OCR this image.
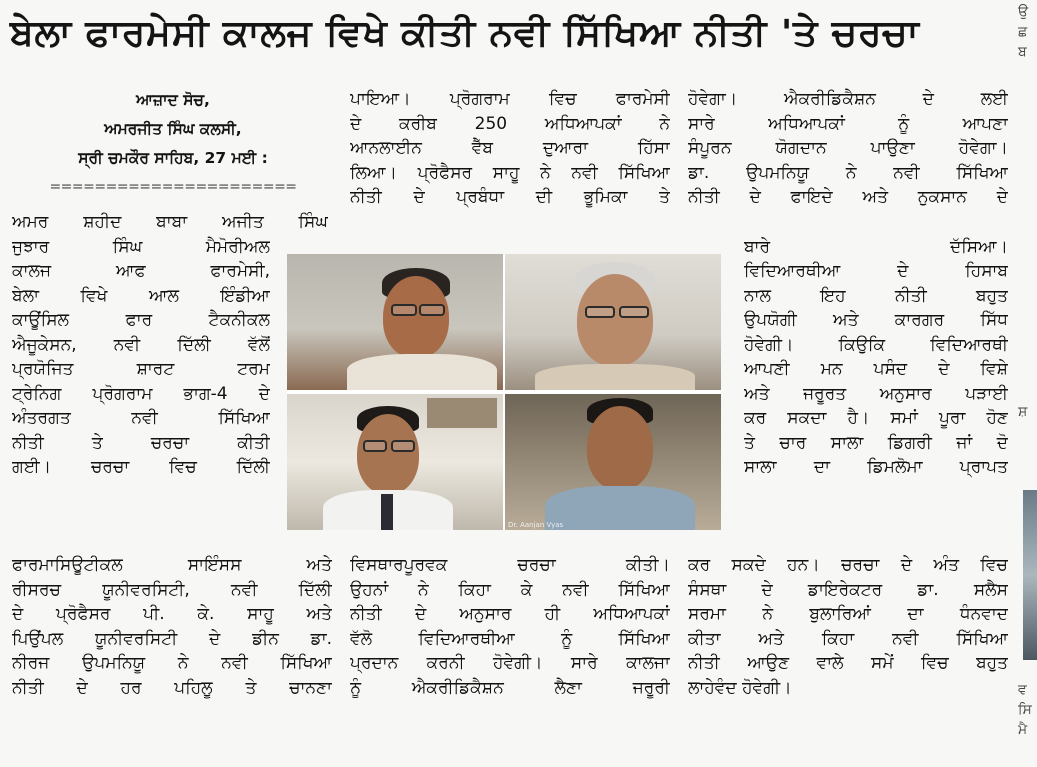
ਬੇਲਾ ਫਾਰਮੇਸੀ ਕਾਲਜ ਵਿਖੇ ਕੀਤੀ ਨਵੀ ਸਿੱਖਿਆ ਨੀਤੀ 'ਤੇ ਚਰਚਾ
ਆਜ਼ਾਦ ਸੋਚ,
ਅਮਰਜੀਤ ਸਿੰਘ ਕਲਸੀ,
ਸ੍ਰੀ ਚਮਕੌਰ ਸਾਹਿਬ, 27 ਮਈ :
======================
ਅਮਰ ਸ਼ਹੀਦ ਬਾਬਾ ਅਜੀਤ ਸਿੰਘ
ਜੁਝਾਰ ਸਿੰਘ ਮੈਮੋਰੀਅਲ
ਕਾਲਜ ਆਫ ਫਾਰਮੇਸੀ,
ਬੇਲਾ ਵਿਖੇ ਆਲ ਇੰਡੀਆ
ਕਾਊਂਸਿਲ ਫਾਰ ਟੈਕਨੀਕਲ
ਐਜੂਕੇਸਨ, ਨਵੀ ਦਿੱਲੀ ਵੱਲੋਂ
ਪ੍ਰਯੋਜਿਤ ਸ਼ਾਰਟ ਟਰਮ
ਟ੍ਰੇਨਿਗ ਪ੍ਰੋਗਰਾਮ ਭਾਗ-4 ਦੇ
ਅੰਤਰਗਤ ਨਵੀ ਸਿੱਖਿਆ
ਨੀਤੀ ਤੇ ਚਰਚਾ ਕੀਤੀ
ਗਈ। ਚਰਚਾ ਵਿਚ ਦਿੱਲੀ
ਫਾਰਮਾਸਿਊਟੀਕਲ ਸਾਇੰਸਸ ਅਤੇ
ਰੀਸਰਚ ਯੂਨੀਵਰਸਿਟੀ, ਨਵੀ ਦਿੱਲੀ
ਦੇ ਪ੍ਰੋਫੈਸਰ ਪੀ. ਕੇ. ਸਾਹੂ ਅਤੇ
ਪਿਉਂਪਲ ਯੂਨੀਵਰਸਿਟੀ ਦੇ ਡੀਨ ਡਾ.
ਨੀਰਜ ਉਪਮਨਿਯੂ ਨੇ ਨਵੀ ਸਿੱਖਿਆ
ਨੀਤੀ ਦੇ ਹਰ ਪਹਿਲੂ ਤੇ ਚਾਨਣਾ
ਪਾਇਆ। ਪ੍ਰੋਗਰਾਮ ਵਿਚ ਫਾਰਮੇਸੀ
ਦੇ ਕਰੀਬ 250 ਅਧਿਆਪਕਾਂ ਨੇ
ਆਨਲਾਈਨ ਵੈੱਬ ਦੁਆਰਾ ਹਿੱਸਾ
ਲਿਆ। ਪ੍ਰੋਫੈਸਰ ਸਾਹੂ ਨੇ ਨਵੀ ਸਿੱਖਿਆ
ਨੀਤੀ ਦੇ ਪ੍ਰਬੰਧਾ ਦੀ ਭੂਮਿਕਾ ਤੇ
ਵਿਸਥਾਰਪੂਰਵਕ ਚਰਚਾ ਕੀਤੀ।
ਉਹਨਾਂ ਨੇ ਕਿਹਾ ਕੇ ਨਵੀ ਸਿੱਖਿਆ
ਨੀਤੀ ਦੇ ਅਨੁਸਾਰ ਹੀ ਅਧਿਆਪਕਾਂ
ਵੱਲੋ ਵਿਦਿਆਰਥੀਆ ਨੂੰ ਸਿੱਖਿਆ
ਪ੍ਰਦਾਨ ਕਰਨੀ ਹੋਵੇਗੀ। ਸਾਰੇ ਕਾਲਜਾ
ਨੂੰ ਐਕਰੀਡਿਕੈਸ਼ਨ ਲੈਣਾ ਜਰੂਰੀ
ਹੋਵੇਗਾ। ਐਕਰੀਡਿਕੈਸ਼ਨ ਦੇ ਲਈ
ਸਾਰੇ ਅਧਿਆਪਕਾਂ ਨੂੰ ਆਪਣਾ
ਸੰਪੂਰਨ ਯੋਗਦਾਨ ਪਾਉਣਾ ਹੋਵੇਗਾ।
ਡਾ. ਉਪਮਨਿਯੂ ਨੇ ਨਵੀ ਸਿੱਖਿਆ
ਨੀਤੀ ਦੇ ਫਾਇਦੇ ਅਤੇ ਨੁਕਸਾਨ ਦੇ
ਬਾਰੇ ਦੱਸਿਆ।
ਵਿਦਿਆਰਥੀਆ ਦੇ ਹਿਸਾਬ
ਨਾਲ ਇਹ ਨੀਤੀ ਬਹੁਤ
ਉਪਯੋਗੀ ਅਤੇ ਕਾਰਗਰ ਸਿੱਧ
ਹੋਵੇਗੀ। ਕਿਉਕਿ ਵਿਦਿਆਰਥੀ
ਆਪਣੀ ਮਨ ਪਸੰਦ ਦੇ ਵਿਸ਼ੇ
ਅਤੇ ਜਰੂਰਤ ਅਨੁਸਾਰ ਪੜਾਈ
ਕਰ ਸਕਦਾ ਹੈ। ਸਮਾਂ ਪੂਰਾ ਹੋਣ
ਤੇ ਚਾਰ ਸਾਲਾ ਡਿਗਰੀ ਜਾਂ ਦੋ
ਸਾਲਾ ਦਾ ਡਿਮਲੋਮਾ ਪ੍ਰਾਪਤ
ਕਰ ਸਕਦੇ ਹਨ। ਚਰਚਾ ਦੇ ਅੰਤ ਵਿਚ
ਸੰਸਥਾ ਦੇ ਡਾਇਰੇਕਟਰ ਡਾ. ਸਲੈਸ
ਸਰਮਾ ਨੇ ਬੁਲਾਰਿਆਂ ਦਾ ਧੰਨਵਾਦ
ਕੀਤਾ ਅਤੇ ਕਿਹਾ ਨਵੀ ਸਿੱਖਿਆ
ਨੀਤੀ ਆਉਣ ਵਾਲੇ ਸਮੇਂ ਵਿਚ ਬਹੁਤ
ਲਾਹੇਵੰਦ ਹੋਵੇਗੀ।
Dr. Aanjan Vyas
ਉ
ਛ
ਬ
ਸ਼
ਵ
ਸਿ
ਮੈ
